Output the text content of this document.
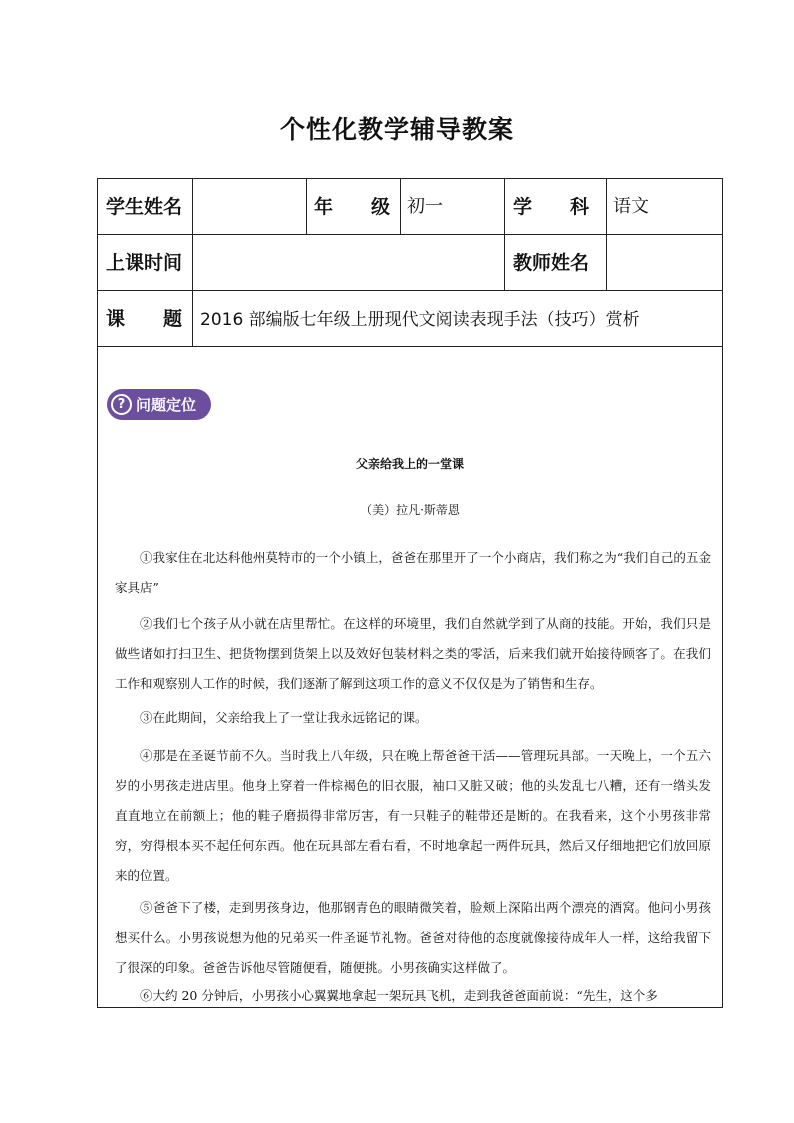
个性化教学辅导教案
学生姓名	年　　级 初一	学　　科 语文
上课时间	教师姓名
课　　题 2016 部编版七年级上册现代文阅读表现手法（技巧）赏析
? 问题定位
父亲给我上的一堂课
（美）拉凡·斯蒂恩

①我家住在北达科他州莫特市的一个小镇上，爸爸在那里开了一个小商店，我们称之为“我们自己的五金家具店”

②我们七个孩子从小就在店里帮忙。在这样的环境里，我们自然就学到了从商的技能。开始，我们只是做些诸如打扫卫生、把货物摆到货架上以及效好包装材料之类的零活，后来我们就开始接待顾客了。在我们工作和观察别人工作的时候，我们逐渐了解到这项工作的意义不仅仅是为了销售和生存。

③在此期间，父亲给我上了一堂让我永远铭记的课。

④那是在圣诞节前不久。当时我上八年级，只在晚上帮爸爸干活——管理玩具部。一天晚上，一个五六岁的小男孩走进店里。他身上穿着一件棕褐色的旧衣服，袖口又脏又破；他的头发乱七八糟，还有一绺头发直直地立在前额上；他的鞋子磨损得非常厉害，有一只鞋子的鞋带还是断的。在我看来，这个小男孩非常穷，穷得根本买不起任何东西。他在玩具部左看右看，不时地拿起一两件玩具，然后又仔细地把它们放回原来的位置。

⑤爸爸下了楼，走到男孩身边，他那钢青色的眼睛微笑着，脸颊上深陷出两个漂亮的酒窝。他问小男孩想买什么。小男孩说想为他的兄弟买一件圣诞节礼物。爸爸对待他的态度就像接待成年人一样，这给我留下了很深的印象。爸爸告诉他尽管随便看，随便挑。小男孩确实这样做了。

⑥大约 20 分钟后，小男孩小心翼翼地拿起一架玩具飞机，走到我爸爸面前说：“先生，这个多
